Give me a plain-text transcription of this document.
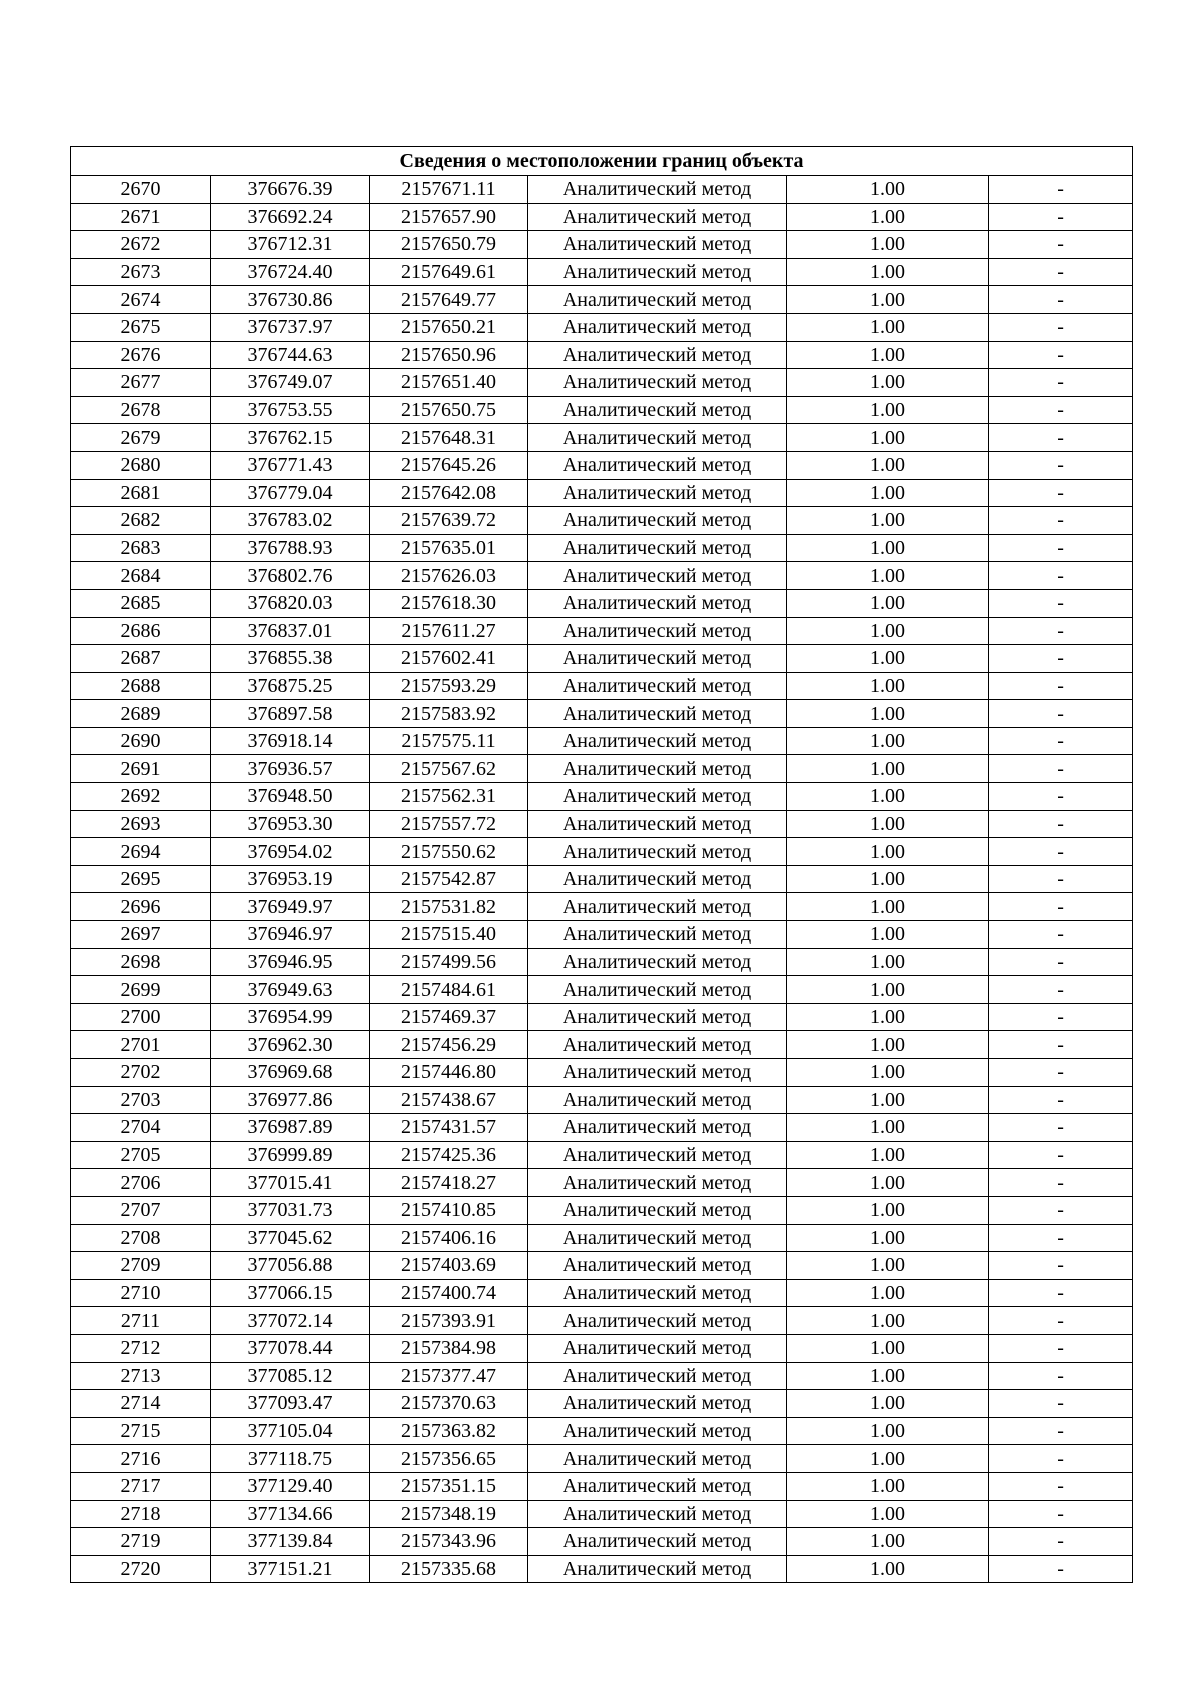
Сведения о местоположении границ объекта					
2670	376676.39	2157671.11	Аналитический метод	1.00	-
2671	376692.24	2157657.90	Аналитический метод	1.00	-
2672	376712.31	2157650.79	Аналитический метод	1.00	-
2673	376724.40	2157649.61	Аналитический метод	1.00	-
2674	376730.86	2157649.77	Аналитический метод	1.00	-
2675	376737.97	2157650.21	Аналитический метод	1.00	-
2676	376744.63	2157650.96	Аналитический метод	1.00	-
2677	376749.07	2157651.40	Аналитический метод	1.00	-
2678	376753.55	2157650.75	Аналитический метод	1.00	-
2679	376762.15	2157648.31	Аналитический метод	1.00	-
2680	376771.43	2157645.26	Аналитический метод	1.00	-
2681	376779.04	2157642.08	Аналитический метод	1.00	-
2682	376783.02	2157639.72	Аналитический метод	1.00	-
2683	376788.93	2157635.01	Аналитический метод	1.00	-
2684	376802.76	2157626.03	Аналитический метод	1.00	-
2685	376820.03	2157618.30	Аналитический метод	1.00	-
2686	376837.01	2157611.27	Аналитический метод	1.00	-
2687	376855.38	2157602.41	Аналитический метод	1.00	-
2688	376875.25	2157593.29	Аналитический метод	1.00	-
2689	376897.58	2157583.92	Аналитический метод	1.00	-
2690	376918.14	2157575.11	Аналитический метод	1.00	-
2691	376936.57	2157567.62	Аналитический метод	1.00	-
2692	376948.50	2157562.31	Аналитический метод	1.00	-
2693	376953.30	2157557.72	Аналитический метод	1.00	-
2694	376954.02	2157550.62	Аналитический метод	1.00	-
2695	376953.19	2157542.87	Аналитический метод	1.00	-
2696	376949.97	2157531.82	Аналитический метод	1.00	-
2697	376946.97	2157515.40	Аналитический метод	1.00	-
2698	376946.95	2157499.56	Аналитический метод	1.00	-
2699	376949.63	2157484.61	Аналитический метод	1.00	-
2700	376954.99	2157469.37	Аналитический метод	1.00	-
2701	376962.30	2157456.29	Аналитический метод	1.00	-
2702	376969.68	2157446.80	Аналитический метод	1.00	-
2703	376977.86	2157438.67	Аналитический метод	1.00	-
2704	376987.89	2157431.57	Аналитический метод	1.00	-
2705	376999.89	2157425.36	Аналитический метод	1.00	-
2706	377015.41	2157418.27	Аналитический метод	1.00	-
2707	377031.73	2157410.85	Аналитический метод	1.00	-
2708	377045.62	2157406.16	Аналитический метод	1.00	-
2709	377056.88	2157403.69	Аналитический метод	1.00	-
2710	377066.15	2157400.74	Аналитический метод	1.00	-
2711	377072.14	2157393.91	Аналитический метод	1.00	-
2712	377078.44	2157384.98	Аналитический метод	1.00	-
2713	377085.12	2157377.47	Аналитический метод	1.00	-
2714	377093.47	2157370.63	Аналитический метод	1.00	-
2715	377105.04	2157363.82	Аналитический метод	1.00	-
2716	377118.75	2157356.65	Аналитический метод	1.00	-
2717	377129.40	2157351.15	Аналитический метод	1.00	-
2718	377134.66	2157348.19	Аналитический метод	1.00	-
2719	377139.84	2157343.96	Аналитический метод	1.00	-
2720	377151.21	2157335.68	Аналитический метод	1.00	-
